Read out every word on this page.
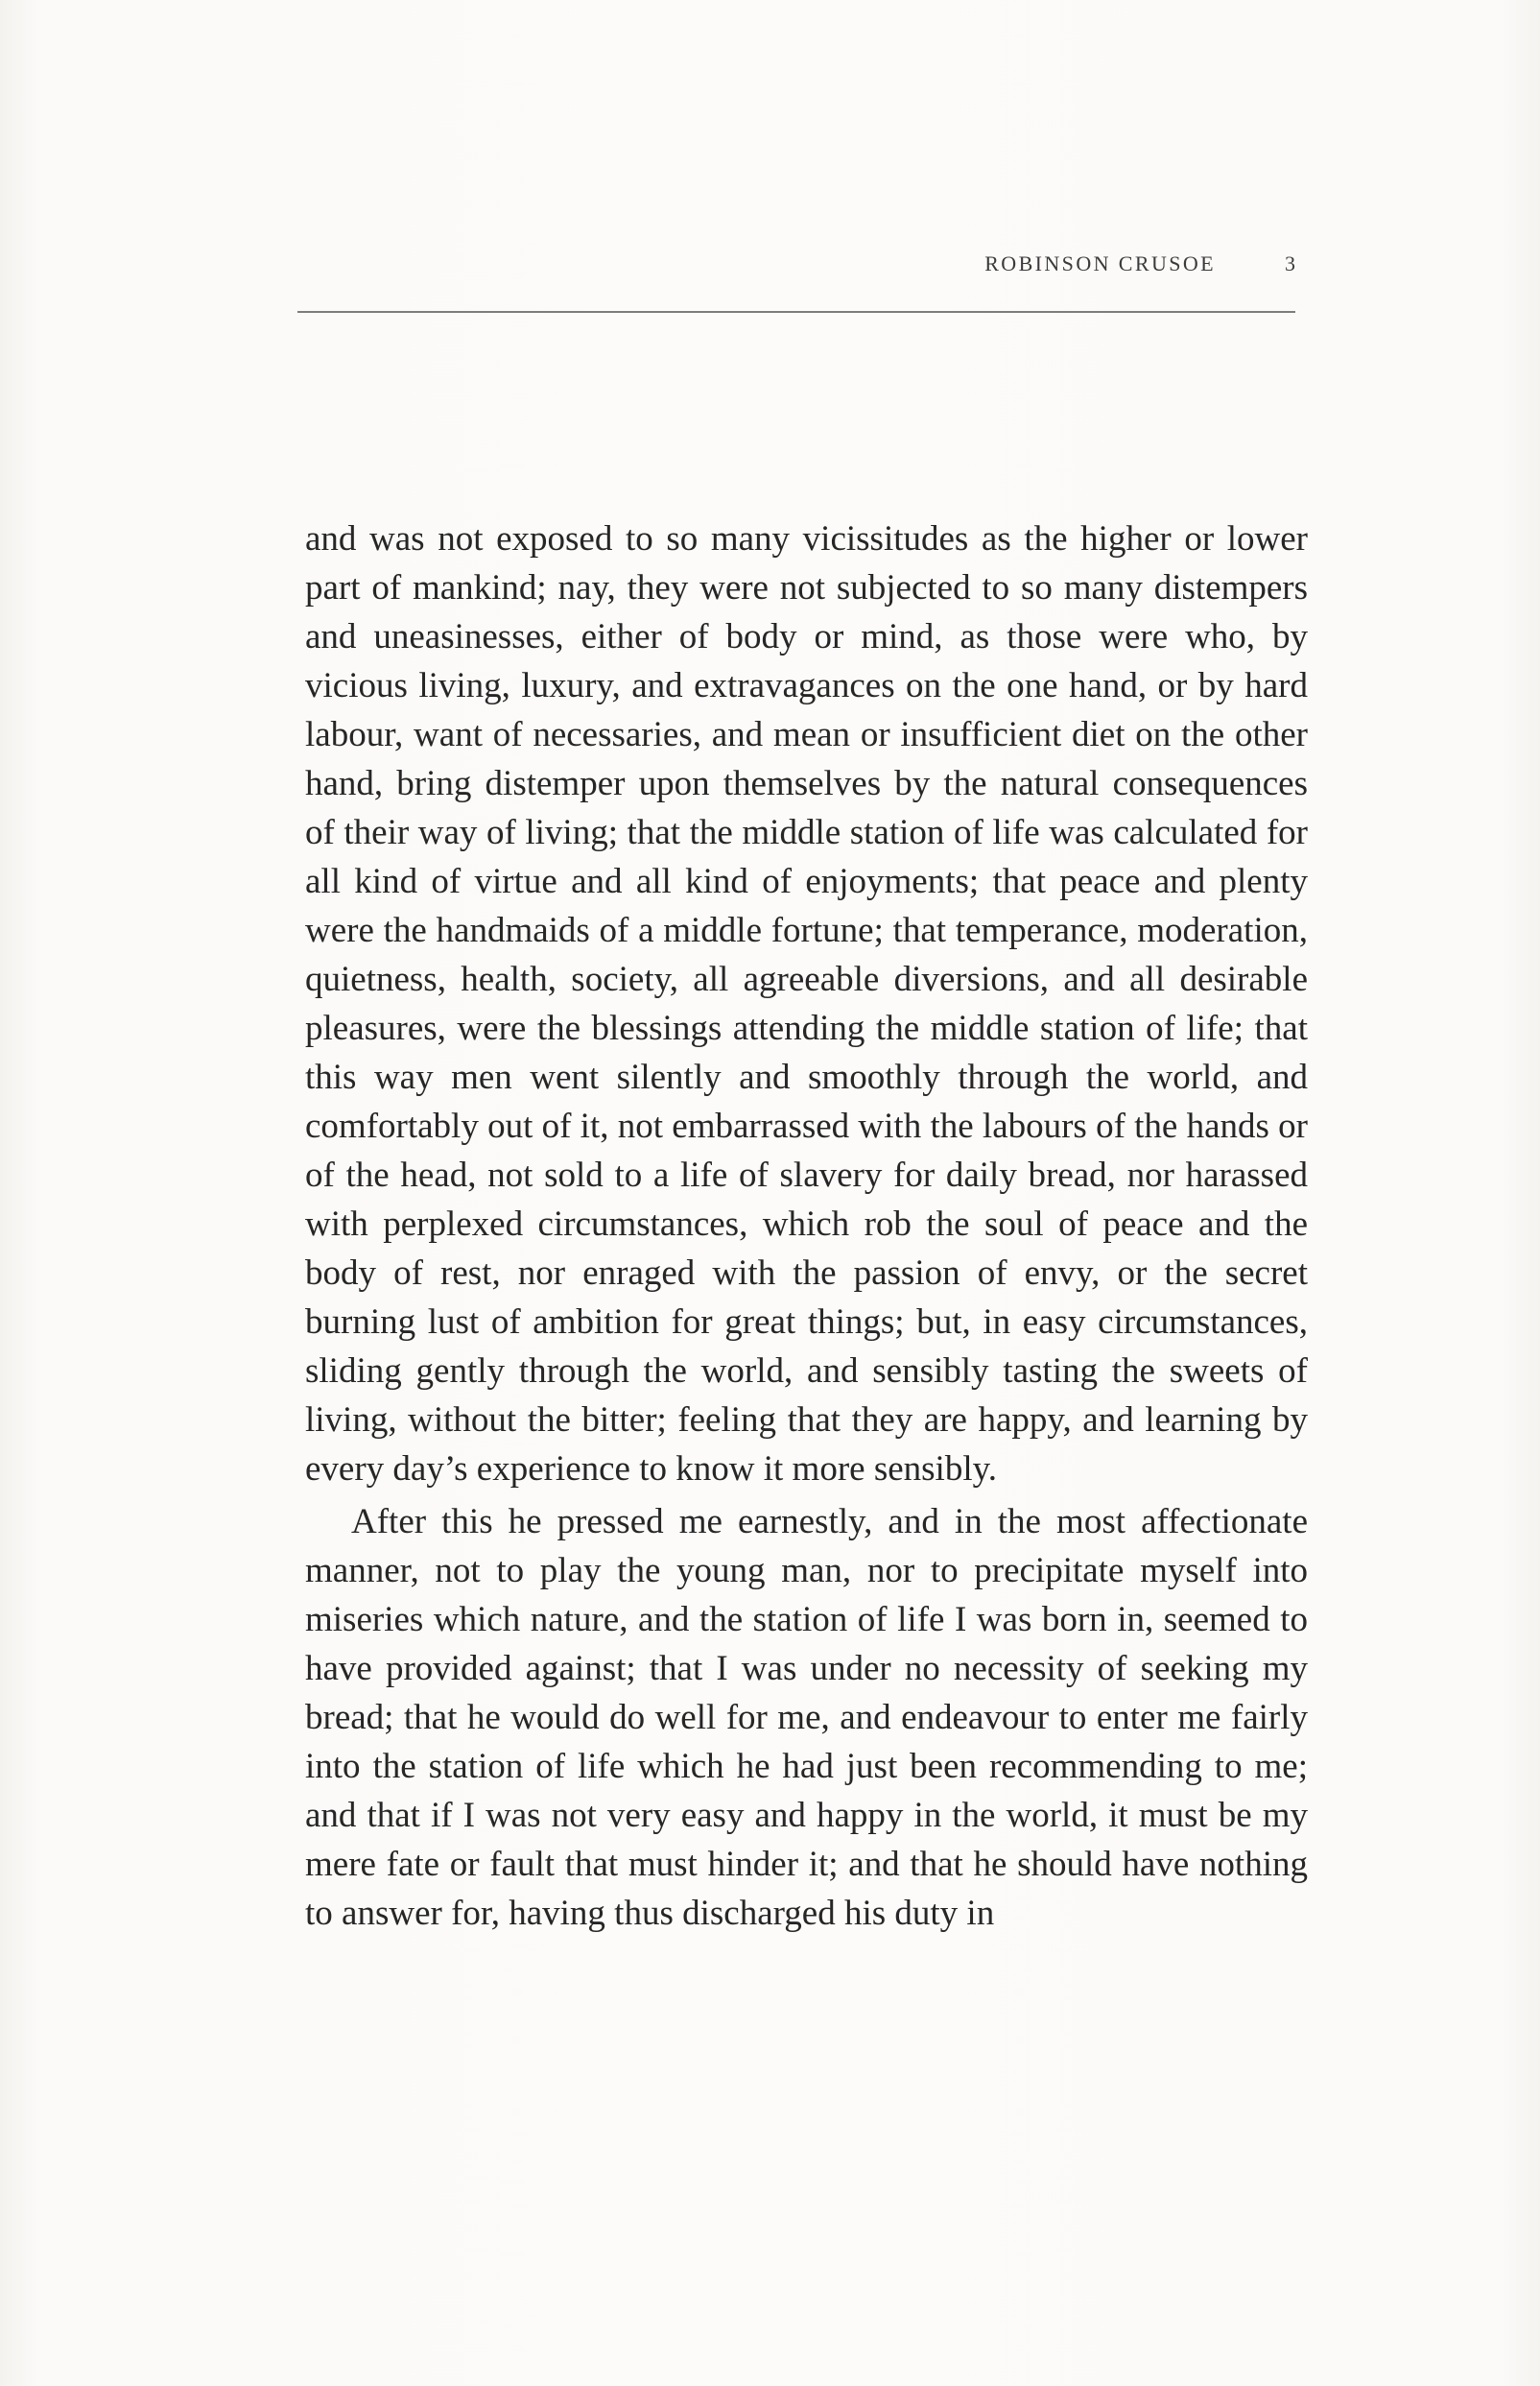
ROBINSON CRUSOE	3

and was not exposed to so many vicissitudes as the higher or lower part of mankind; nay, they were not subjected to so many distempers and uneasinesses, either of body or mind, as those were who, by vicious living, luxury, and extravagances on the one hand, or by hard labour, want of necessaries, and mean or insufficient diet on the other hand, bring distemper upon themselves by the natural consequences of their way of living; that the middle station of life was calculated for all kind of virtue and all kind of enjoyments; that peace and plenty were the handmaids of a middle fortune; that temperance, moderation, quietness, health, society, all agreeable diversions, and all desirable pleasures, were the blessings attending the middle station of life; that this way men went silently and smoothly through the world, and comfortably out of it, not embarrassed with the labours of the hands or of the head, not sold to a life of slavery for daily bread, nor harassed with perplexed circumstances, which rob the soul of peace and the body of rest, nor enraged with the passion of envy, or the secret burning lust of ambition for great things; but, in easy circumstances, sliding gently through the world, and sensibly tasting the sweets of living, without the bitter; feeling that they are happy, and learning by every day’s experience to know it more sensibly.

After this he pressed me earnestly, and in the most affectionate manner, not to play the young man, nor to precipitate myself into miseries which nature, and the station of life I was born in, seemed to have provided against; that I was under no necessity of seeking my bread; that he would do well for me, and endeavour to enter me fairly into the station of life which he had just been recommending to me; and that if I was not very easy and happy in the world, it must be my mere fate or fault that must hinder it; and that he should have nothing to answer for, having thus discharged his duty in
